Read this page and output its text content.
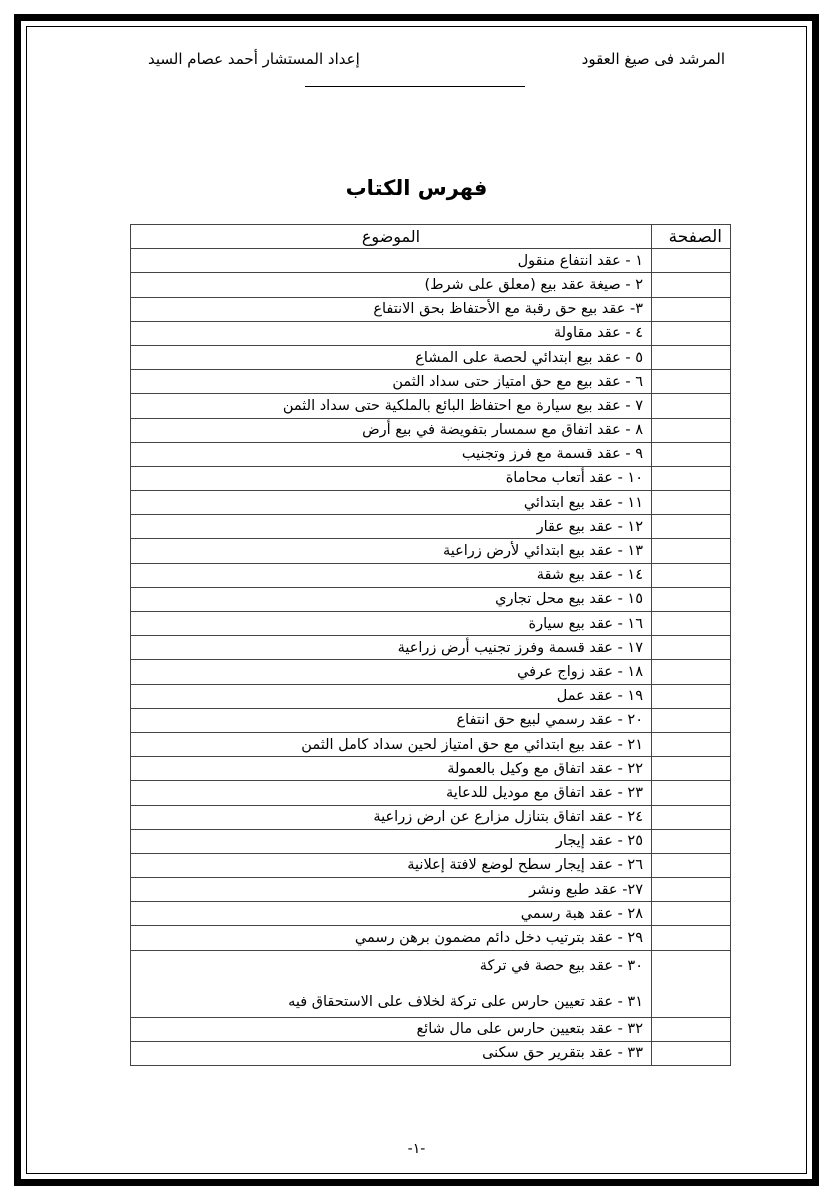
المرشد فى صيغ العقود
إعداد المستشار أحمد عصام السيد
فهرس الكتاب
الصفحة	الموضوع
	١ - عقد انتفاع منقول
	٢ - صيغة عقد بيع (معلق على شرط)
	٣- عقد بيع حق رقبة مع الأحتفاظ بحق الانتفاع
	٤ - عقد مقاولة
	٥ - عقد بيع ابتدائي لحصة على المشاع
	٦ - عقد بيع مع حق امتياز حتى سداد الثمن
	٧ - عقد بيع سيارة مع احتفاظ البائع بالملكية حتى سداد الثمن
	٨ - عقد اتفاق مع سمسار بتفويضة في بيع أرض
	٩ - عقد قسمة مع فرز وتجنيب
	١٠ - عقد أتعاب محاماة
	١١ - عقد بيع ابتدائي
	١٢ - عقد بيع عقار
	١٣ - عقد بيع ابتدائي لأرض زراعية
	١٤ - عقد بيع شقة
	١٥ - عقد بيع محل تجاري
	١٦ - عقد بيع سيارة
	١٧ - عقد قسمة وفرز تجنيب أرض زراعية
	١٨ - عقد زواج عرفي
	١٩ - عقد عمل
	٢٠ - عقد رسمي لبيع حق انتفاع
	٢١ - عقد بيع ابتدائي مع حق امتياز لحين سداد كامل الثمن
	٢٢ - عقد اتفاق مع وكيل بالعمولة
	٢٣ - عقد اتفاق مع موديل للدعاية
	٢٤ - عقد اتفاق بتنازل مزارع عن ارض زراعية
	٢٥ - عقد إيجار
	٢٦ - عقد إيجار سطح لوضع لافتة إعلانية
	٢٧- عقد طبع ونشر
	٢٨ - عقد هبة رسمي
	٢٩ - عقد بترتيب دخل دائم مضمون برهن رسمي

	٣٠ - عقد بيع حصة في تركة
٣١ - عقد تعيين حارس على تركة لخلاف على الاستحقاق فيه

	٣٢ - عقد بتعيين حارس على مال شائع
	٣٣ - عقد بتقرير حق سكنى
-١-
